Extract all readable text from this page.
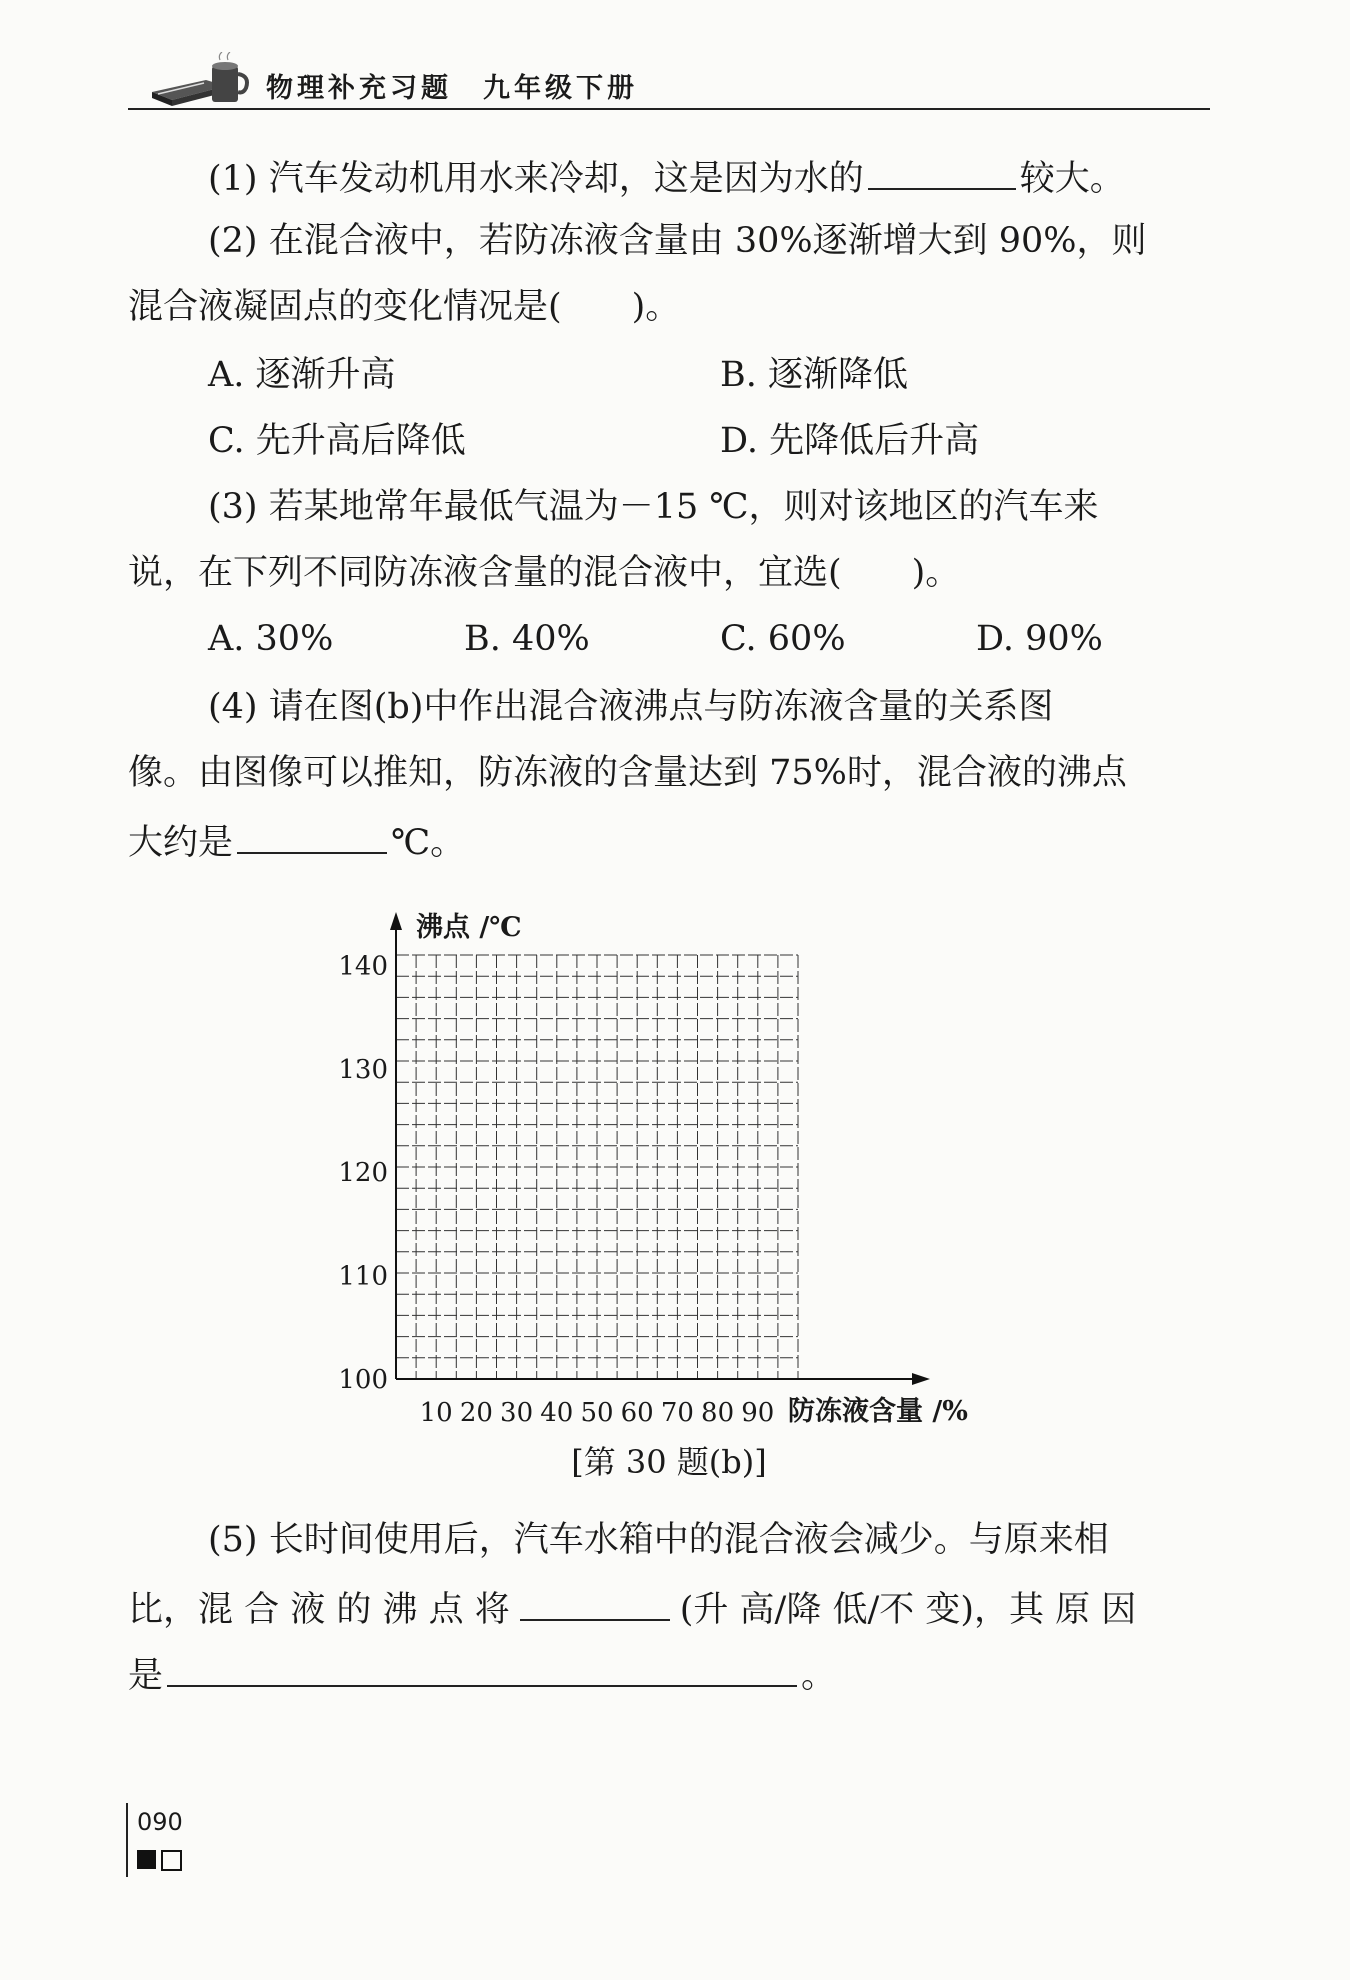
物理补充习题　九年级下册
(1) 汽车发动机用水来冷却，这是因为水的	较大。
(2) 在混合液中，若防冻液含量由 30%逐渐增大到 90%，则
混合液凝固点的变化情况是(　　)。
A. 逐渐升高	B. 逐渐降低
C. 先升高后降低	D. 先降低后升高
(3) 若某地常年最低气温为－15 ℃，则对该地区的汽车来
说，在下列不同防冻液含量的混合液中，宜选(　　)。
A. 30%	B. 40%	C. 60%	D. 90%
(4) 请在图(b)中作出混合液沸点与防冻液含量的关系图
像。由图像可以推知，防冻液的含量达到 75%时，混合液的沸点
大约是	℃。
10 20 30 40 50 60 70 80 90
100
110
120
130
140
沸点 /℃
防冻液含量 /%
[第 30 题(b)]
(5) 长时间使用后，汽车水箱中的混合液会减少。与原来相
比，混 合 液 的 沸 点 将	(升 高/降 低/不 变)，其 原 因
是	。
090
